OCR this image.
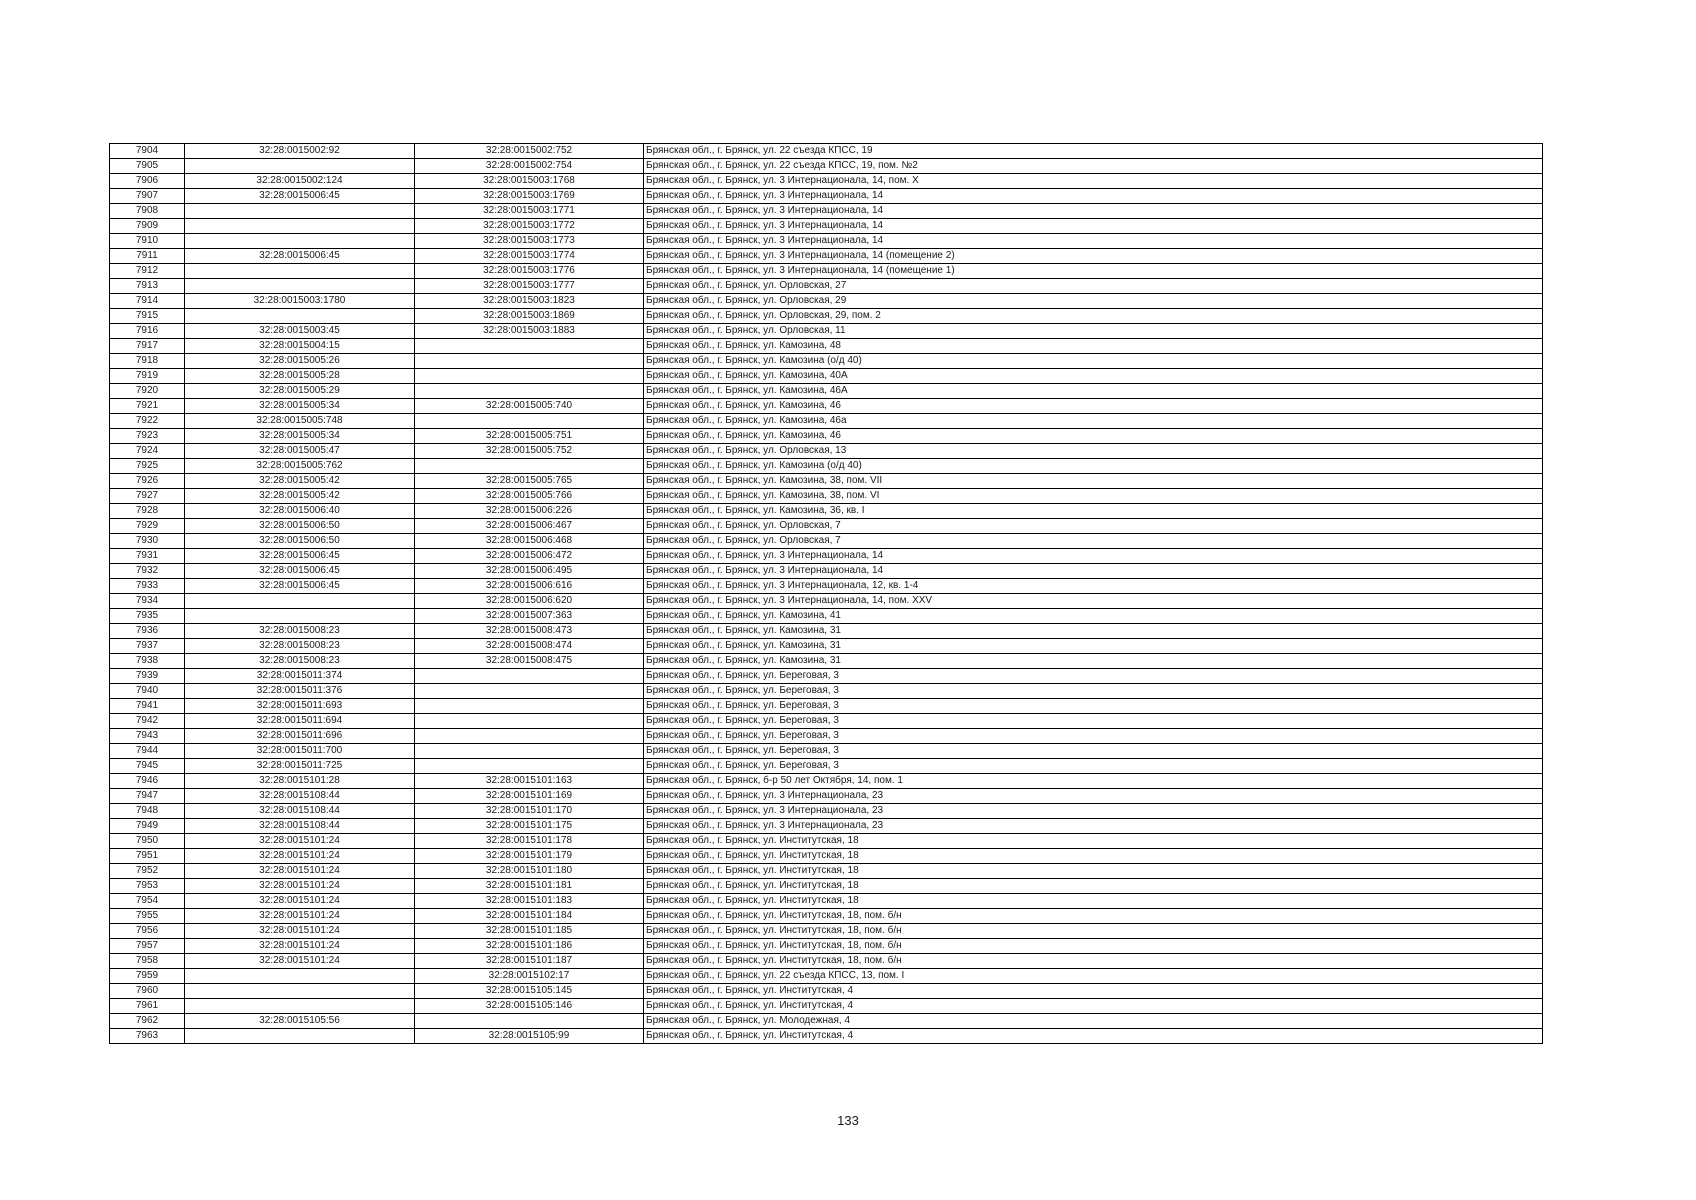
7904	32:28:0015002:92	32:28:0015002:752	Брянская обл., г. Брянск, ул. 22 съезда КПСС, 19
7905		32:28:0015002:754	Брянская обл., г. Брянск, ул. 22 съезда КПСС, 19, пом. №2
7906	32:28:0015002:124	32:28:0015003:1768	Брянская обл., г. Брянск, ул. 3 Интернационала, 14, пом. X
7907	32:28:0015006:45	32:28:0015003:1769	Брянская обл., г. Брянск, ул. 3 Интернационала, 14
7908		32:28:0015003:1771	Брянская обл., г. Брянск, ул. 3 Интернационала, 14
7909		32:28:0015003:1772	Брянская обл., г. Брянск, ул. 3 Интернационала, 14
7910		32:28:0015003:1773	Брянская обл., г. Брянск, ул. 3 Интернационала, 14
7911	32:28:0015006:45	32:28:0015003:1774	Брянская обл., г. Брянск, ул. 3 Интернационала, 14 (помещение 2)
7912		32:28:0015003:1776	Брянская обл., г. Брянск, ул. 3 Интернационала, 14 (помещение 1)
7913		32:28:0015003:1777	Брянская обл., г. Брянск, ул. Орловская, 27
7914	32:28:0015003:1780	32:28:0015003:1823	Брянская обл., г. Брянск, ул. Орловская, 29
7915		32:28:0015003:1869	Брянская обл., г. Брянск, ул. Орловская, 29, пом. 2
7916	32:28:0015003:45	32:28:0015003:1883	Брянская обл., г. Брянск, ул. Орловская, 11
7917	32:28:0015004:15		Брянская обл., г. Брянск, ул. Камозина, 48
7918	32:28:0015005:26		Брянская обл., г. Брянск, ул. Камозина (о/д 40)
7919	32:28:0015005:28		Брянская обл., г. Брянск, ул. Камозина, 40А
7920	32:28:0015005:29		Брянская обл., г. Брянск, ул. Камозина, 46А
7921	32:28:0015005:34	32:28:0015005:740	Брянская обл., г. Брянск, ул. Камозина, 46
7922	32:28:0015005:748		Брянская обл., г. Брянск, ул. Камозина, 46а
7923	32:28:0015005:34	32:28:0015005:751	Брянская обл., г. Брянск, ул. Камозина, 46
7924	32:28:0015005:47	32:28:0015005:752	Брянская обл., г. Брянск, ул. Орловская, 13
7925	32:28:0015005:762		Брянская обл., г. Брянск, ул. Камозина (о/д 40)
7926	32:28:0015005:42	32:28:0015005:765	Брянская обл., г. Брянск, ул. Камозина, 38, пом. VII
7927	32:28:0015005:42	32:28:0015005:766	Брянская обл., г. Брянск, ул. Камозина, 38, пом. VI
7928	32:28:0015006:40	32:28:0015006:226	Брянская обл., г. Брянск, ул. Камозина, 36, кв. I
7929	32:28:0015006:50	32:28:0015006:467	Брянская обл., г. Брянск, ул. Орловская, 7
7930	32:28:0015006:50	32:28:0015006:468	Брянская обл., г. Брянск, ул. Орловская, 7
7931	32:28:0015006:45	32:28:0015006:472	Брянская обл., г. Брянск, ул. 3 Интернационала, 14
7932	32:28:0015006:45	32:28:0015006:495	Брянская обл., г. Брянск, ул. 3 Интернационала, 14
7933	32:28:0015006:45	32:28:0015006:616	Брянская обл., г. Брянск, ул. 3 Интернационала, 12, кв. 1-4
7934		32:28:0015006:620	Брянская обл., г. Брянск, ул. 3 Интернационала, 14, пом. XXV
7935		32:28:0015007:363	Брянская обл., г. Брянск, ул. Камозина, 41
7936	32:28:0015008:23	32:28:0015008:473	Брянская обл., г. Брянск, ул. Камозина, 31
7937	32:28:0015008:23	32:28:0015008:474	Брянская обл., г. Брянск, ул. Камозина, 31
7938	32:28:0015008:23	32:28:0015008:475	Брянская обл., г. Брянск, ул. Камозина, 31
7939	32:28:0015011:374		Брянская обл., г. Брянск, ул. Береговая, 3
7940	32:28:0015011:376		Брянская обл., г. Брянск, ул. Береговая, 3
7941	32:28:0015011:693		Брянская обл., г. Брянск, ул. Береговая, 3
7942	32:28:0015011:694		Брянская обл., г. Брянск, ул. Береговая, 3
7943	32:28:0015011:696		Брянская обл., г. Брянск, ул. Береговая, 3
7944	32:28:0015011:700		Брянская обл., г. Брянск, ул. Береговая, 3
7945	32:28:0015011:725		Брянская обл., г. Брянск, ул. Береговая, 3
7946	32:28:0015101:28	32:28:0015101:163	Брянская обл., г. Брянск, б-р 50 лет Октября, 14, пом. 1
7947	32:28:0015108:44	32:28:0015101:169	Брянская обл., г. Брянск, ул. 3 Интернационала, 23
7948	32:28:0015108:44	32:28:0015101:170	Брянская обл., г. Брянск, ул. 3 Интернационала, 23
7949	32:28:0015108:44	32:28:0015101:175	Брянская обл., г. Брянск, ул. 3 Интернационала, 23
7950	32:28:0015101:24	32:28:0015101:178	Брянская обл., г. Брянск, ул. Институтская, 18
7951	32:28:0015101:24	32:28:0015101:179	Брянская обл., г. Брянск, ул. Институтская, 18
7952	32:28:0015101:24	32:28:0015101:180	Брянская обл., г. Брянск, ул. Институтская, 18
7953	32:28:0015101:24	32:28:0015101:181	Брянская обл., г. Брянск, ул. Институтская, 18
7954	32:28:0015101:24	32:28:0015101:183	Брянская обл., г. Брянск, ул. Институтская, 18
7955	32:28:0015101:24	32:28:0015101:184	Брянская обл., г. Брянск, ул. Институтская, 18, пом. б/н
7956	32:28:0015101:24	32:28:0015101:185	Брянская обл., г. Брянск, ул. Институтская, 18, пом. б/н
7957	32:28:0015101:24	32:28:0015101:186	Брянская обл., г. Брянск, ул. Институтская, 18, пом. б/н
7958	32:28:0015101:24	32:28:0015101:187	Брянская обл., г. Брянск, ул. Институтская, 18, пом. б/н
7959		32:28:0015102:17	Брянская обл., г. Брянск, ул. 22 съезда КПСС, 13, пом. I
7960		32:28:0015105:145	Брянская обл., г. Брянск, ул. Институтская, 4
7961		32:28:0015105:146	Брянская обл., г. Брянск, ул. Институтская, 4
7962	32:28:0015105:56		Брянская обл., г. Брянск, ул. Молодежная, 4
7963		32:28:0015105:99	Брянская обл., г. Брянск, ул. Институтская, 4
133
